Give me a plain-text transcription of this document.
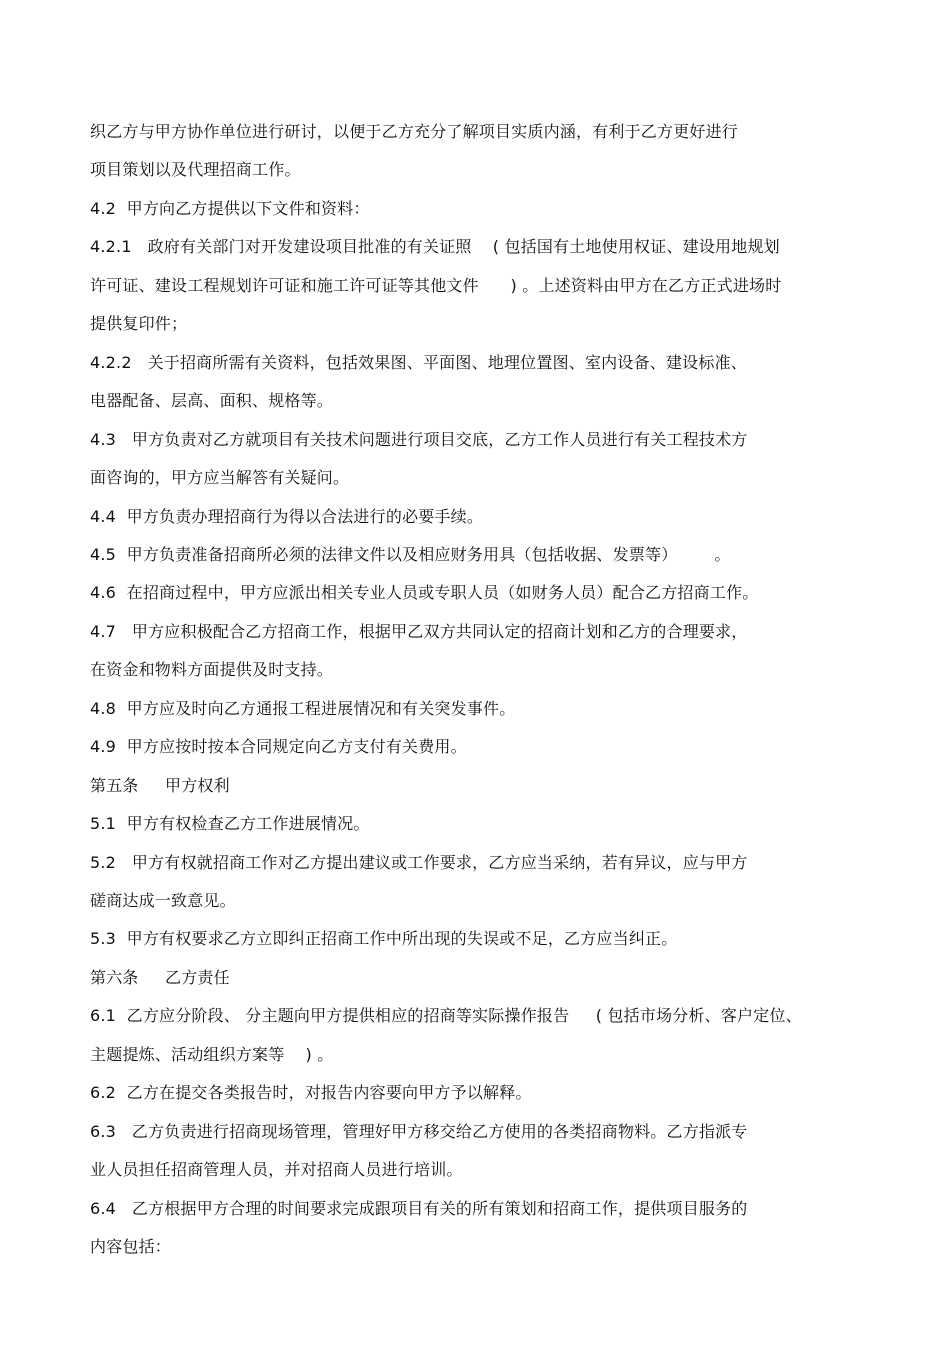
织乙方与甲方协作单位进行研讨，以便于乙方充分了解项目实质内涵，有利于乙方更好进行
项目策划以及代理招商工作。
4.2  甲方向乙方提供以下文件和资料：
4.2.1   政府有关部门对开发建设项目批准的有关证照    ( 包括国有土地使用权证、建设用地规划
许可证、建设工程规划许可证和施工许可证等其他文件      ) 。上述资料由甲方在乙方正式进场时
提供复印件；
4.2.2   关于招商所需有关资料，包括效果图、平面图、地理位置图、室内设备、建设标准、
电器配备、层高、面积、规格等。
4.3   甲方负责对乙方就项目有关技术问题进行项目交底，乙方工作人员进行有关工程技术方
面咨询的，甲方应当解答有关疑问。
4.4  甲方负责办理招商行为得以合法进行的必要手续。
4.5  甲方负责准备招商所必须的法律文件以及相应财务用具（包括收据、发票等）       。
4.6  在招商过程中，甲方应派出相关专业人员或专职人员（如财务人员）配合乙方招商工作。
4.7   甲方应积极配合乙方招商工作，根据甲乙双方共同认定的招商计划和乙方的合理要求，
在资金和物料方面提供及时支持。
4.8  甲方应及时向乙方通报工程进展情况和有关突发事件。
4.9  甲方应按时按本合同规定向乙方支付有关费用。
第五条     甲方权利
5.1  甲方有权检查乙方工作进展情况。
5.2   甲方有权就招商工作对乙方提出建议或工作要求，乙方应当采纳，若有异议，应与甲方
磋商达成一致意见。
5.3  甲方有权要求乙方立即纠正招商工作中所出现的失误或不足，乙方应当纠正。
第六条     乙方责任
6.1  乙方应分阶段、 分主题向甲方提供相应的招商等实际操作报告     ( 包括市场分析、客户定位、
主题提炼、活动组织方案等    ) 。
6.2  乙方在提交各类报告时，对报告内容要向甲方予以解释。
6.3   乙方负责进行招商现场管理，管理好甲方移交给乙方使用的各类招商物料。乙方指派专
业人员担任招商管理人员，并对招商人员进行培训。
6.4   乙方根据甲方合理的时间要求完成跟项目有关的所有策划和招商工作，提供项目服务的
内容包括：
